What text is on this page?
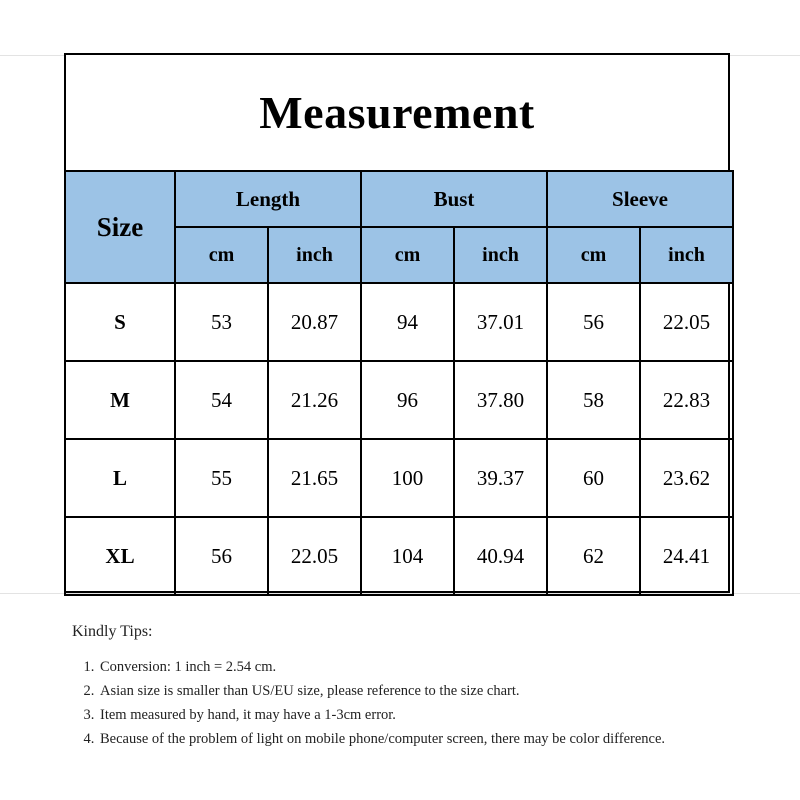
Measurement
Size	Length		Bust		Sleeve	
	cm	inch	cm	inch	cm	inch
S	53	20.87	94	37.01	56	22.05
M	54	21.26	96	37.80	58	22.83
L	55	21.65	100	39.37	60	23.62
XL	56	22.05	104	40.94	62	24.41
Kindly Tips:
1. Conversion: 1 inch = 2.54 cm.
2. Asian size is smaller than US/EU size, please reference to the size chart.
3. Item measured by hand, it may have a 1-3cm error.
4. Because of the problem of light on mobile phone/computer screen, there may be color difference.
